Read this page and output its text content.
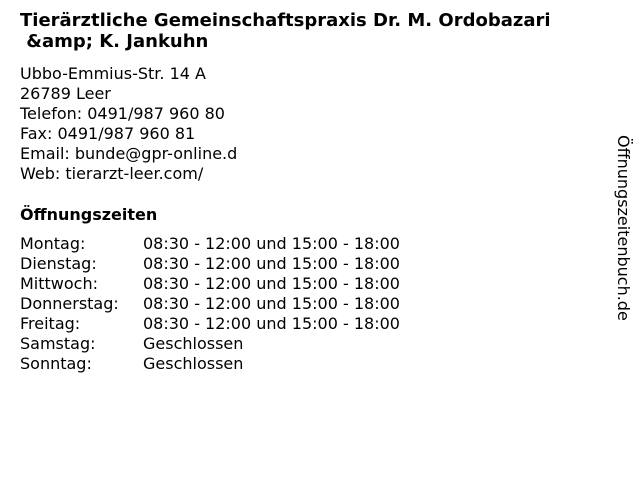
Tierärztliche Gemeinschaftspraxis Dr. M. Ordobazari
&amp; K. Jankuhn
Ubbo-Emmius-Str. 14 A
26789 Leer
Telefon: 0491/987 960 80
Fax: 0491/987 960 81
Email: bunde@gpr-online.d
Web: tierarzt-leer.com/
Öffnungszeiten
Montag:	08:30 - 12:00 und 15:00 - 18:00
Dienstag:	08:30 - 12:00 und 15:00 - 18:00
Mittwoch:	08:30 - 12:00 und 15:00 - 18:00
Donnerstag:	08:30 - 12:00 und 15:00 - 18:00
Freitag:	08:30 - 12:00 und 15:00 - 18:00
Samstag:	Geschlossen
Sonntag:	Geschlossen
Öffnungszeitenbuch.de
